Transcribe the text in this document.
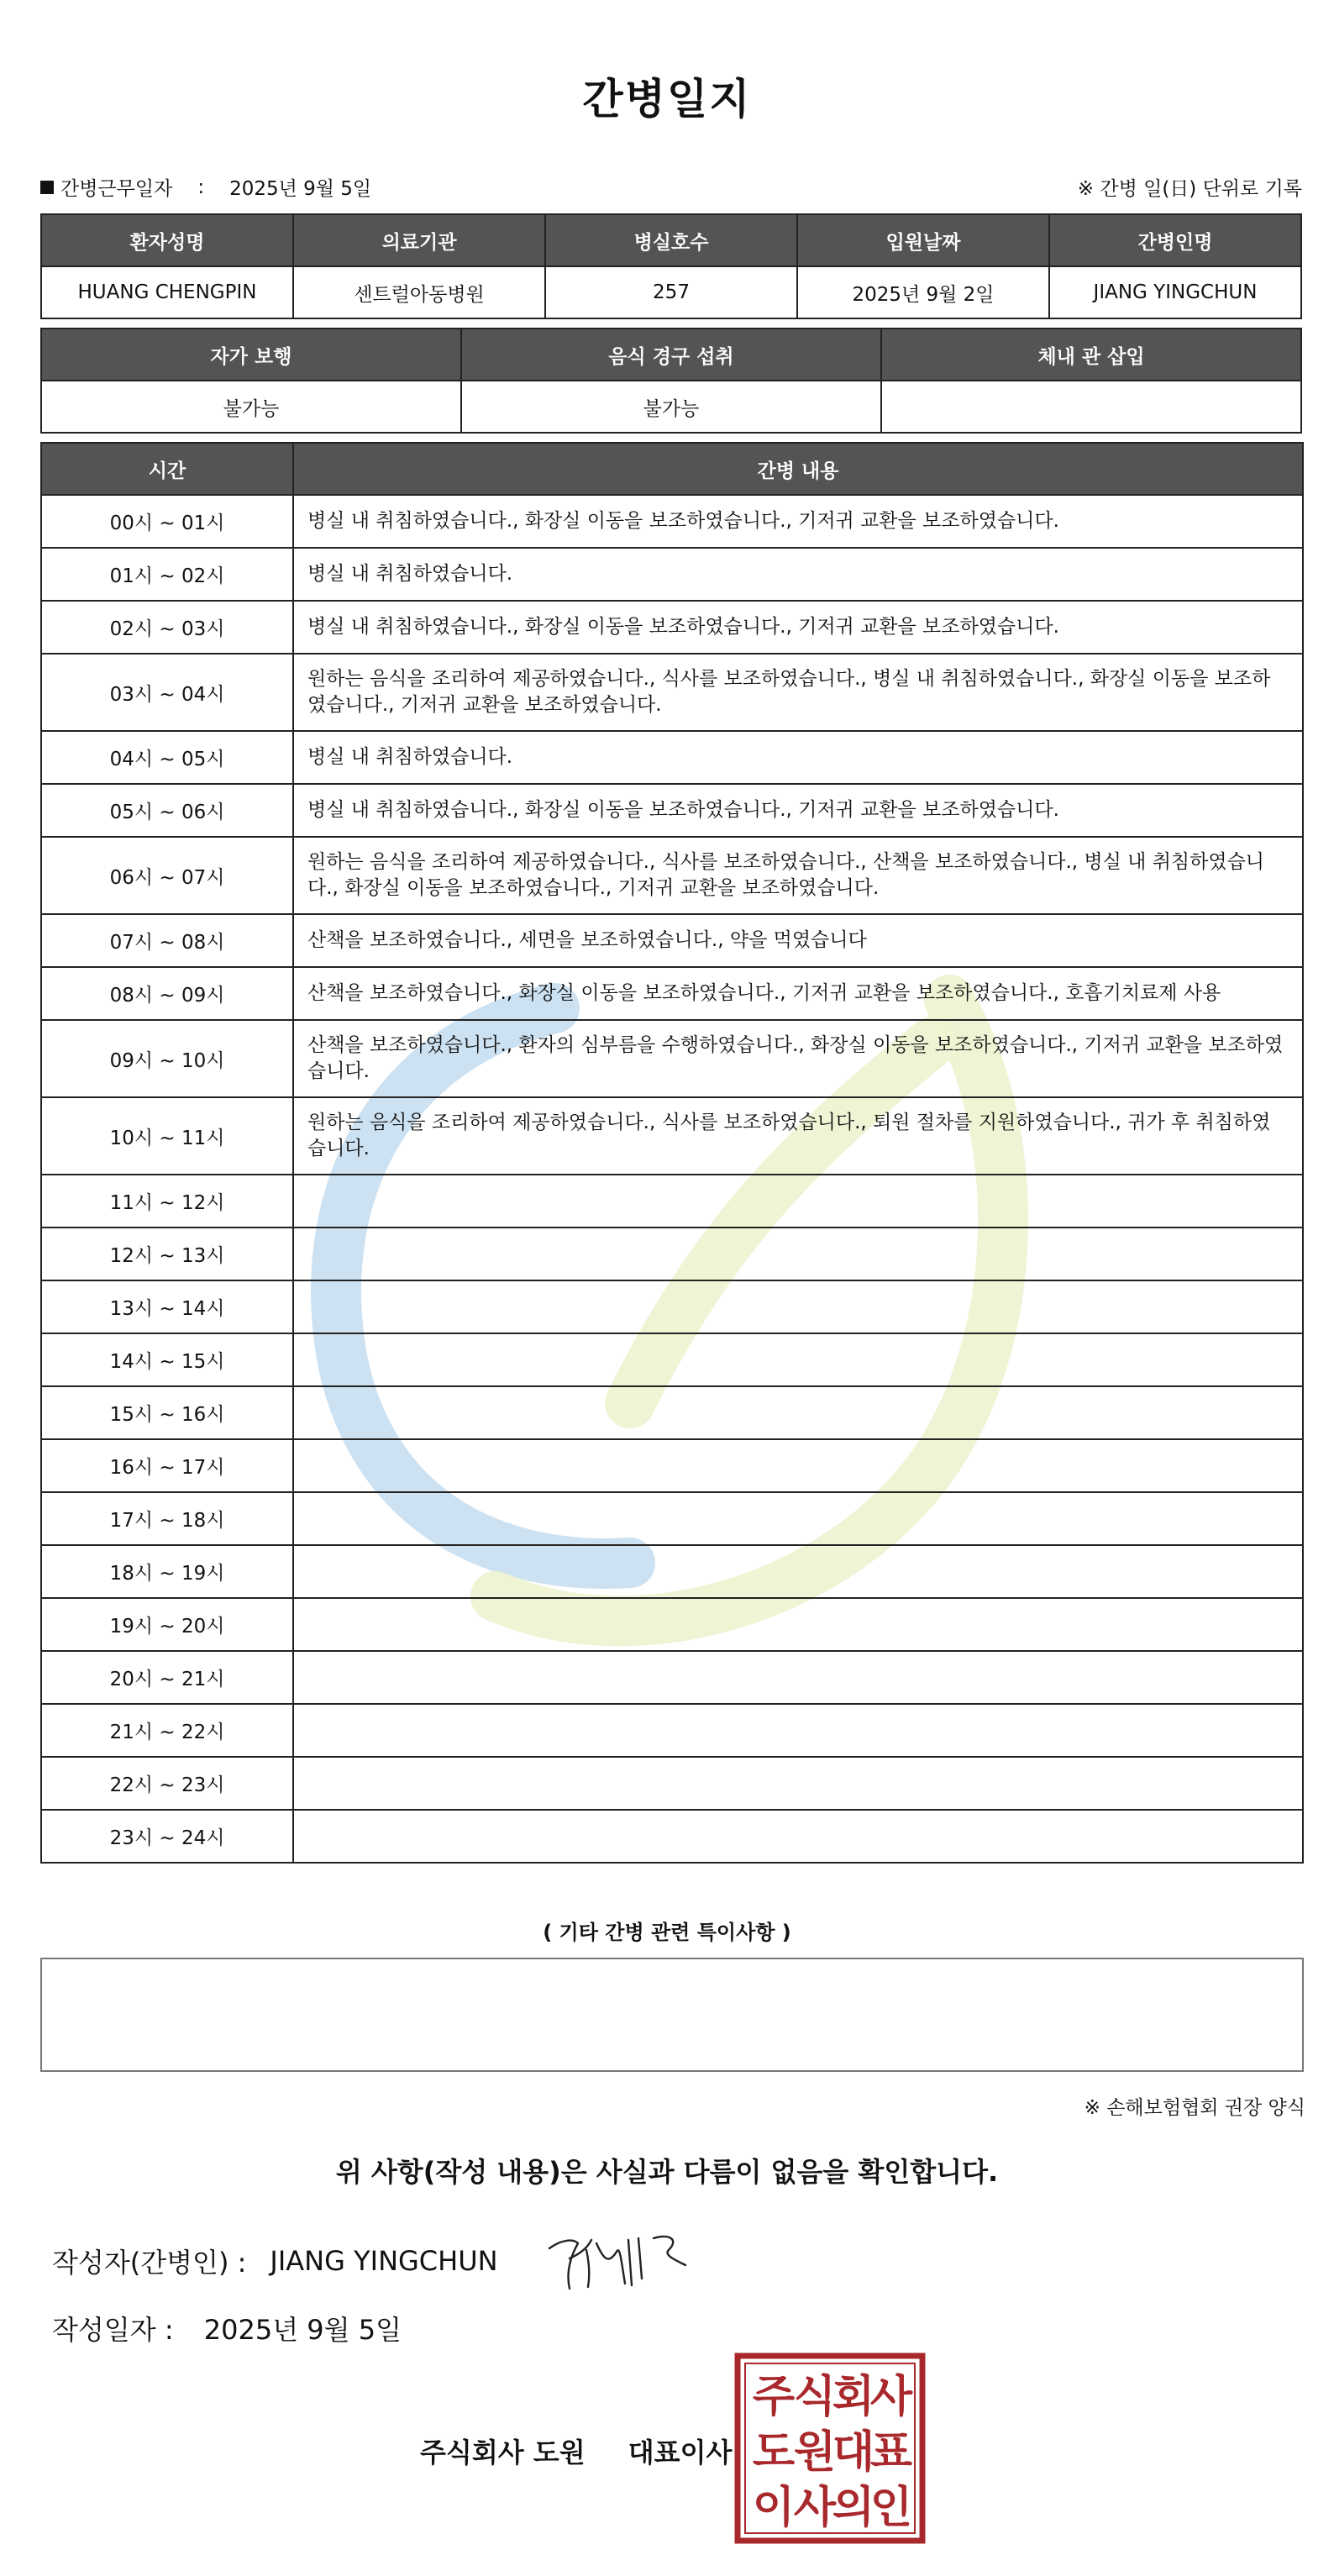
간병일지
간병근무일자 : 2025년 9월 5일	※ 간병 일(日) 단위로 기록
환자성명	의료기관	병실호수	입원날짜	간병인명
HUANG CHENGPIN	센트럴아동병원	257	2025년 9월 2일	JIANG YINGCHUN
자가 보행	음식 경구 섭취	체내 관 삽입
불가능	불가능	
시간	간병 내용
00시 ~ 01시	병실 내 취침하였습니다., 화장실 이동을 보조하였습니다., 기저귀 교환을 보조하였습니다.
01시 ~ 02시	병실 내 취침하였습니다.
02시 ~ 03시	병실 내 취침하였습니다., 화장실 이동을 보조하였습니다., 기저귀 교환을 보조하였습니다.
03시 ~ 04시	원하는 음식을 조리하여 제공하였습니다., 식사를 보조하였습니다., 병실 내 취침하였습니다., 화장실 이동을 보조하였습니다., 기저귀 교환을 보조하였습니다.
04시 ~ 05시	병실 내 취침하였습니다.
05시 ~ 06시	병실 내 취침하였습니다., 화장실 이동을 보조하였습니다., 기저귀 교환을 보조하였습니다.
06시 ~ 07시	원하는 음식을 조리하여 제공하였습니다., 식사를 보조하였습니다., 산책을 보조하였습니다., 병실 내 취침하였습니다., 화장실 이동을 보조하였습니다., 기저귀 교환을 보조하였습니다.
07시 ~ 08시	산책을 보조하였습니다., 세면을 보조하였습니다., 약을 먹였습니다
08시 ~ 09시	산책을 보조하였습니다., 화장실 이동을 보조하였습니다., 기저귀 교환을 보조하였습니다., 호흡기치료제 사용
09시 ~ 10시	산책을 보조하였습니다., 환자의 심부름을 수행하였습니다., 화장실 이동을 보조하였습니다., 기저귀 교환을 보조하였습니다.
10시 ~ 11시	원하는 음식을 조리하여 제공하였습니다., 식사를 보조하였습니다., 퇴원 절차를 지원하였습니다., 귀가 후 취침하였습니다.
11시 ~ 12시	
12시 ~ 13시	
13시 ~ 14시	
14시 ~ 15시	
15시 ~ 16시	
16시 ~ 17시	
17시 ~ 18시	
18시 ~ 19시	
19시 ~ 20시	
20시 ~ 21시	
21시 ~ 22시	
22시 ~ 23시	
23시 ~ 24시	
( 기타 간병 관련 특이사항 )
※ 손해보험협회 권장 양식
위 사항(작성 내용)은 사실과 다름이 없음을 확인합니다.
작성자(간병인) : JIANG YINGCHUN
작성일자 : 2025년 9월 5일
주식회사 도원 대표이사
주
식
회
사
도
원
대
표
이
사
의
인
